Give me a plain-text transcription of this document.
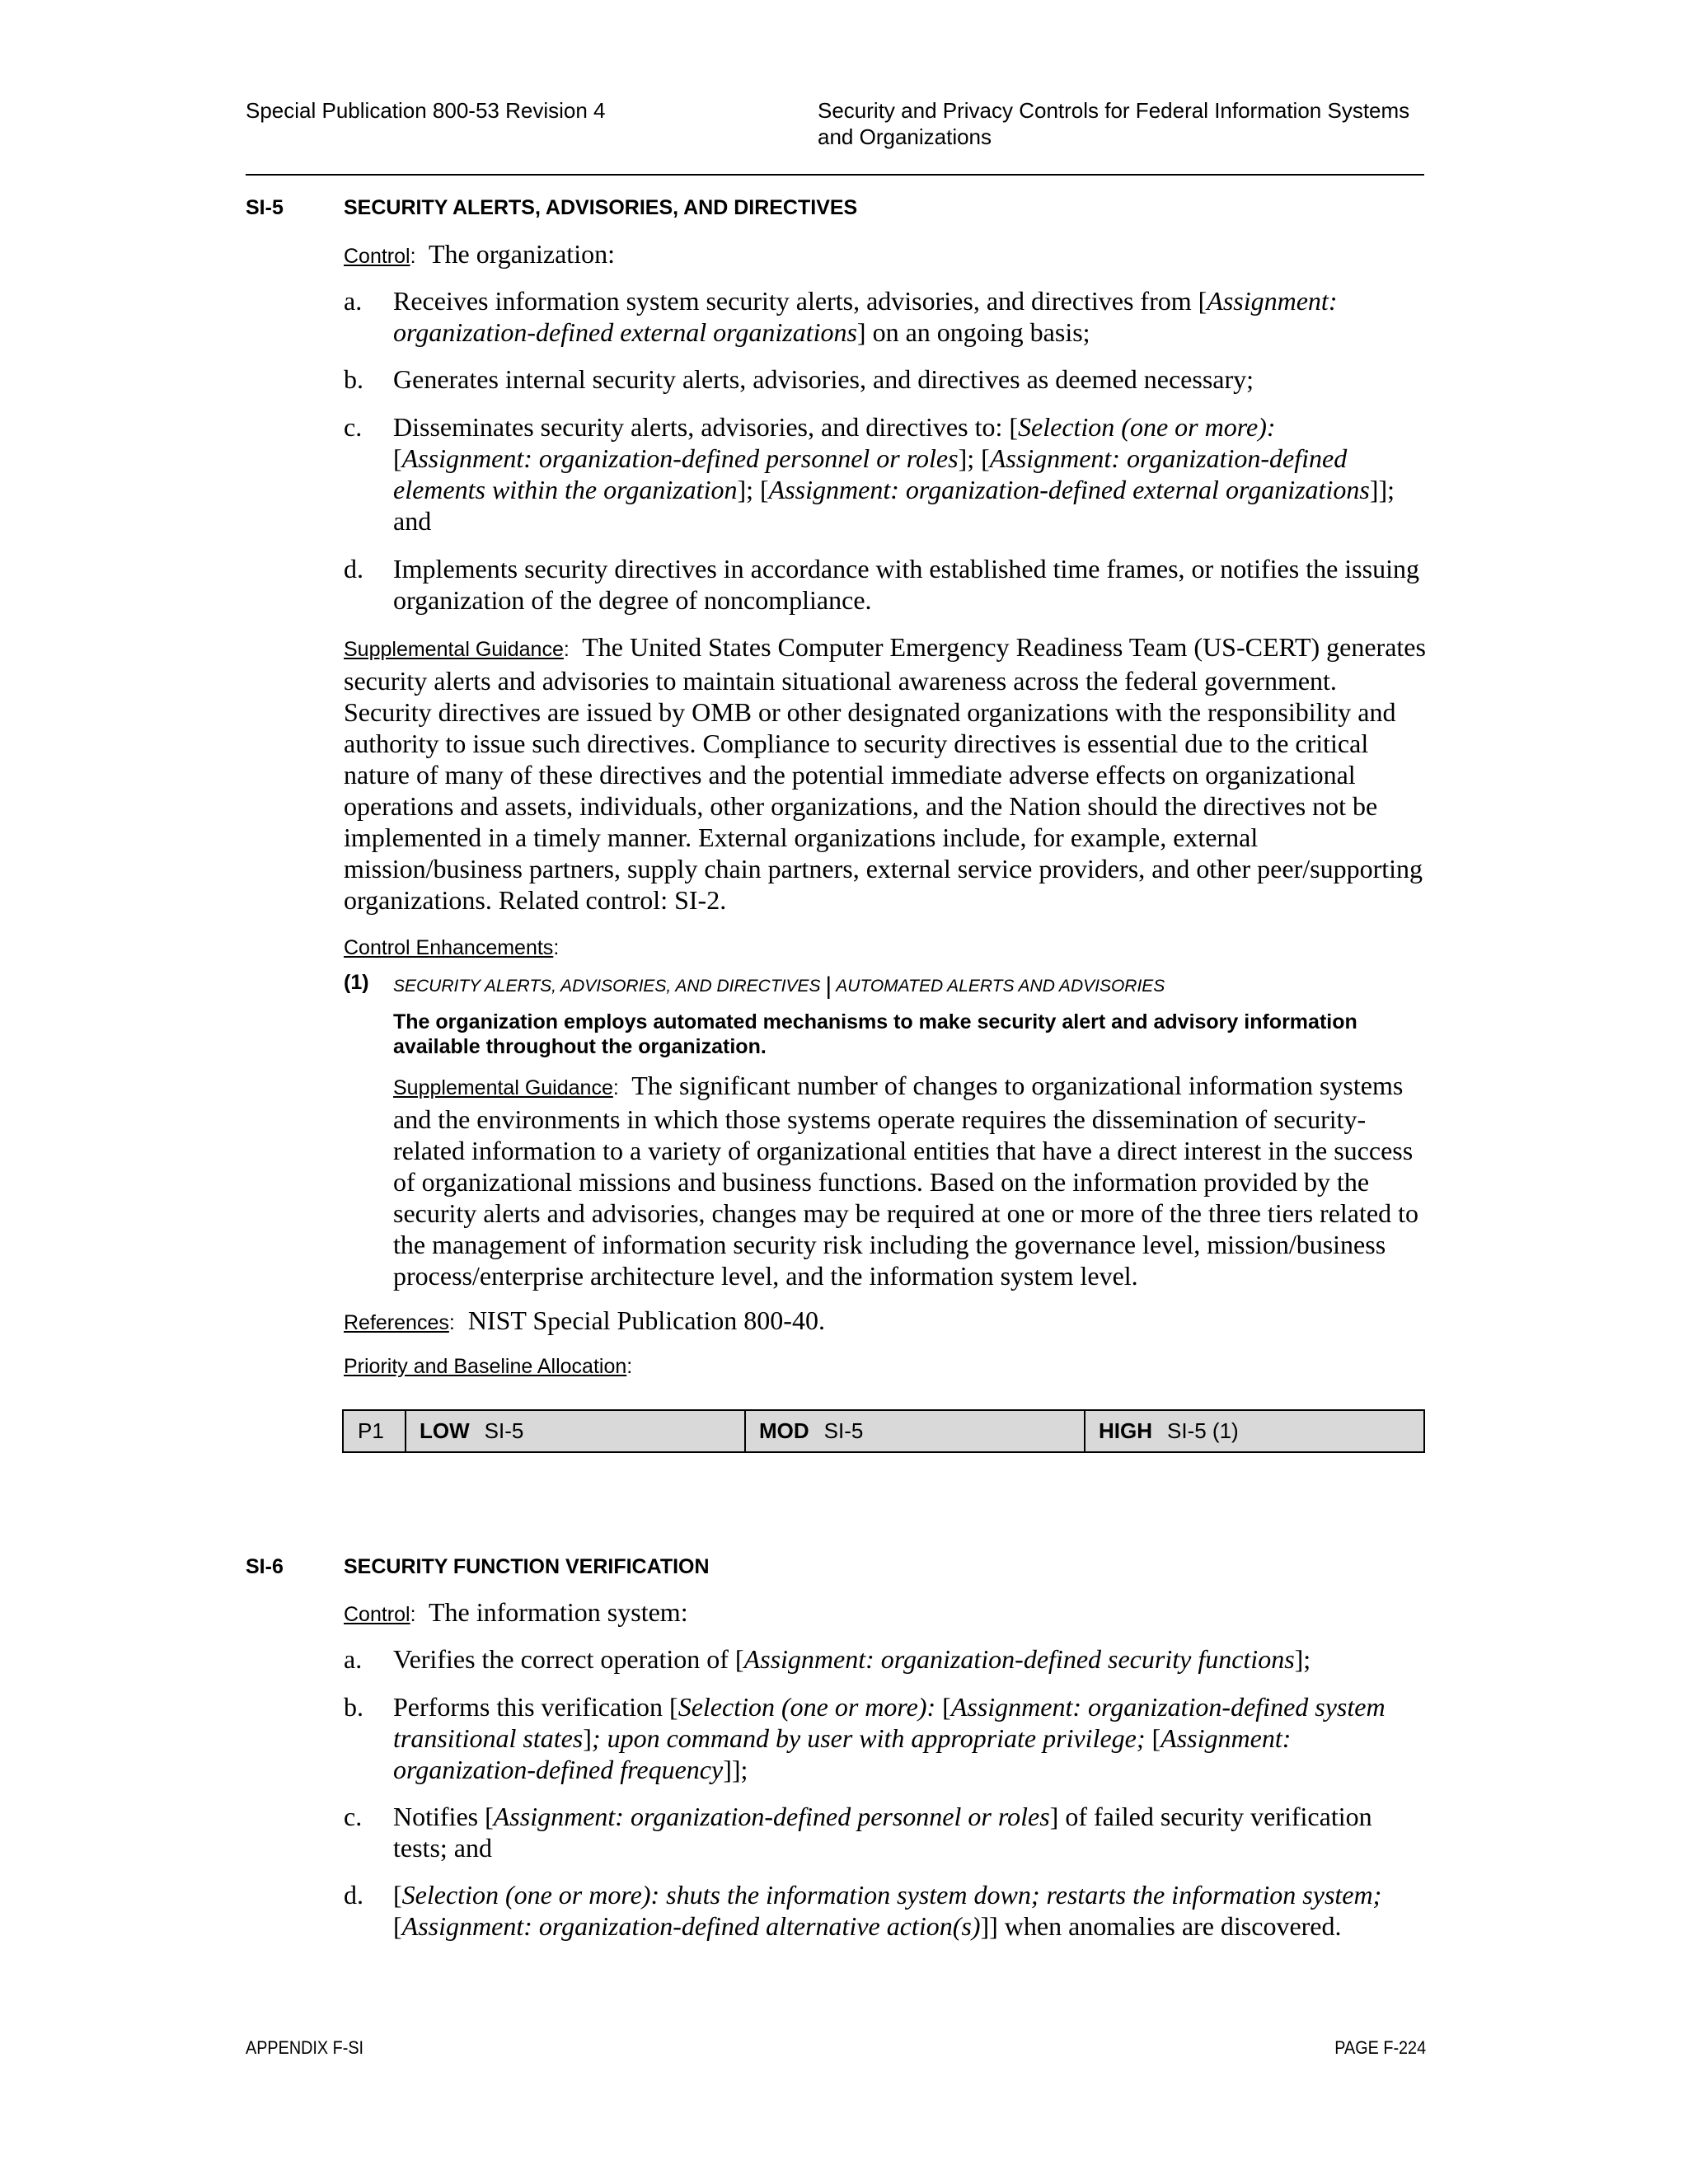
Special Publication 800-53 Revision 4	Security and Privacy Controls for Federal Information Systems
and Organizations
SI-5	SECURITY ALERTS, ADVISORIES, AND DIRECTIVES
Control: The organization:
a.	Receives information system security alerts, advisories, and directives from [Assignment: organization-defined external organizations] on an ongoing basis;
b.	Generates internal security alerts, advisories, and directives as deemed necessary;
c.	Disseminates security alerts, advisories, and directives to: [Selection (one or more):
[Assignment: organization-defined personnel or roles]; [Assignment: organization-defined elements within the organization]; [Assignment: organization-defined external organizations]]; and
d.	Implements security directives in accordance with established time frames, or notifies the issuing organization of the degree of noncompliance.
Supplemental Guidance: The United States Computer Emergency Readiness Team (US-CERT) generates security alerts and advisories to maintain situational awareness across the federal government. Security directives are issued by OMB or other designated organizations with the responsibility and authority to issue such directives. Compliance to security directives is essential due to the critical nature of many of these directives and the potential immediate adverse effects on organizational operations and assets, individuals, other organizations, and the Nation should the directives not be implemented in a timely manner. External organizations include, for example, external mission/business partners, supply chain partners, external service providers, and other peer/supporting organizations. Related control: SI-2.
Control Enhancements:
(1) SECURITY ALERTS, ADVISORIES, AND DIRECTIVES | AUTOMATED ALERTS AND ADVISORIES
The organization employs automated mechanisms to make security alert and advisory information available throughout the organization.
Supplemental Guidance: The significant number of changes to organizational information systems and the environments in which those systems operate requires the dissemination of security-related information to a variety of organizational entities that have a direct interest in the success of organizational missions and business functions. Based on the information provided by the security alerts and advisories, changes may be required at one or more of the three tiers related to the management of information security risk including the governance level, mission/business process/enterprise architecture level, and the information system level.
References: NIST Special Publication 800-40.
Priority and Baseline Allocation:
P1 LOW SI-5	MOD SI-5	HIGH SI-5 (1)
SI-6	SECURITY FUNCTION VERIFICATION
Control: The information system:
a.	Verifies the correct operation of [Assignment: organization-defined security functions];
b.	Performs this verification [Selection (one or more): [Assignment: organization-defined system transitional states]; upon command by user with appropriate privilege; [Assignment: organization-defined frequency]];
c.	Notifies [Assignment: organization-defined personnel or roles] of failed security verification tests; and
d.	[Selection (one or more): shuts the information system down; restarts the information system; [Assignment: organization-defined alternative action(s)]] when anomalies are discovered.
APPENDIX F-SI	PAGE F-224
